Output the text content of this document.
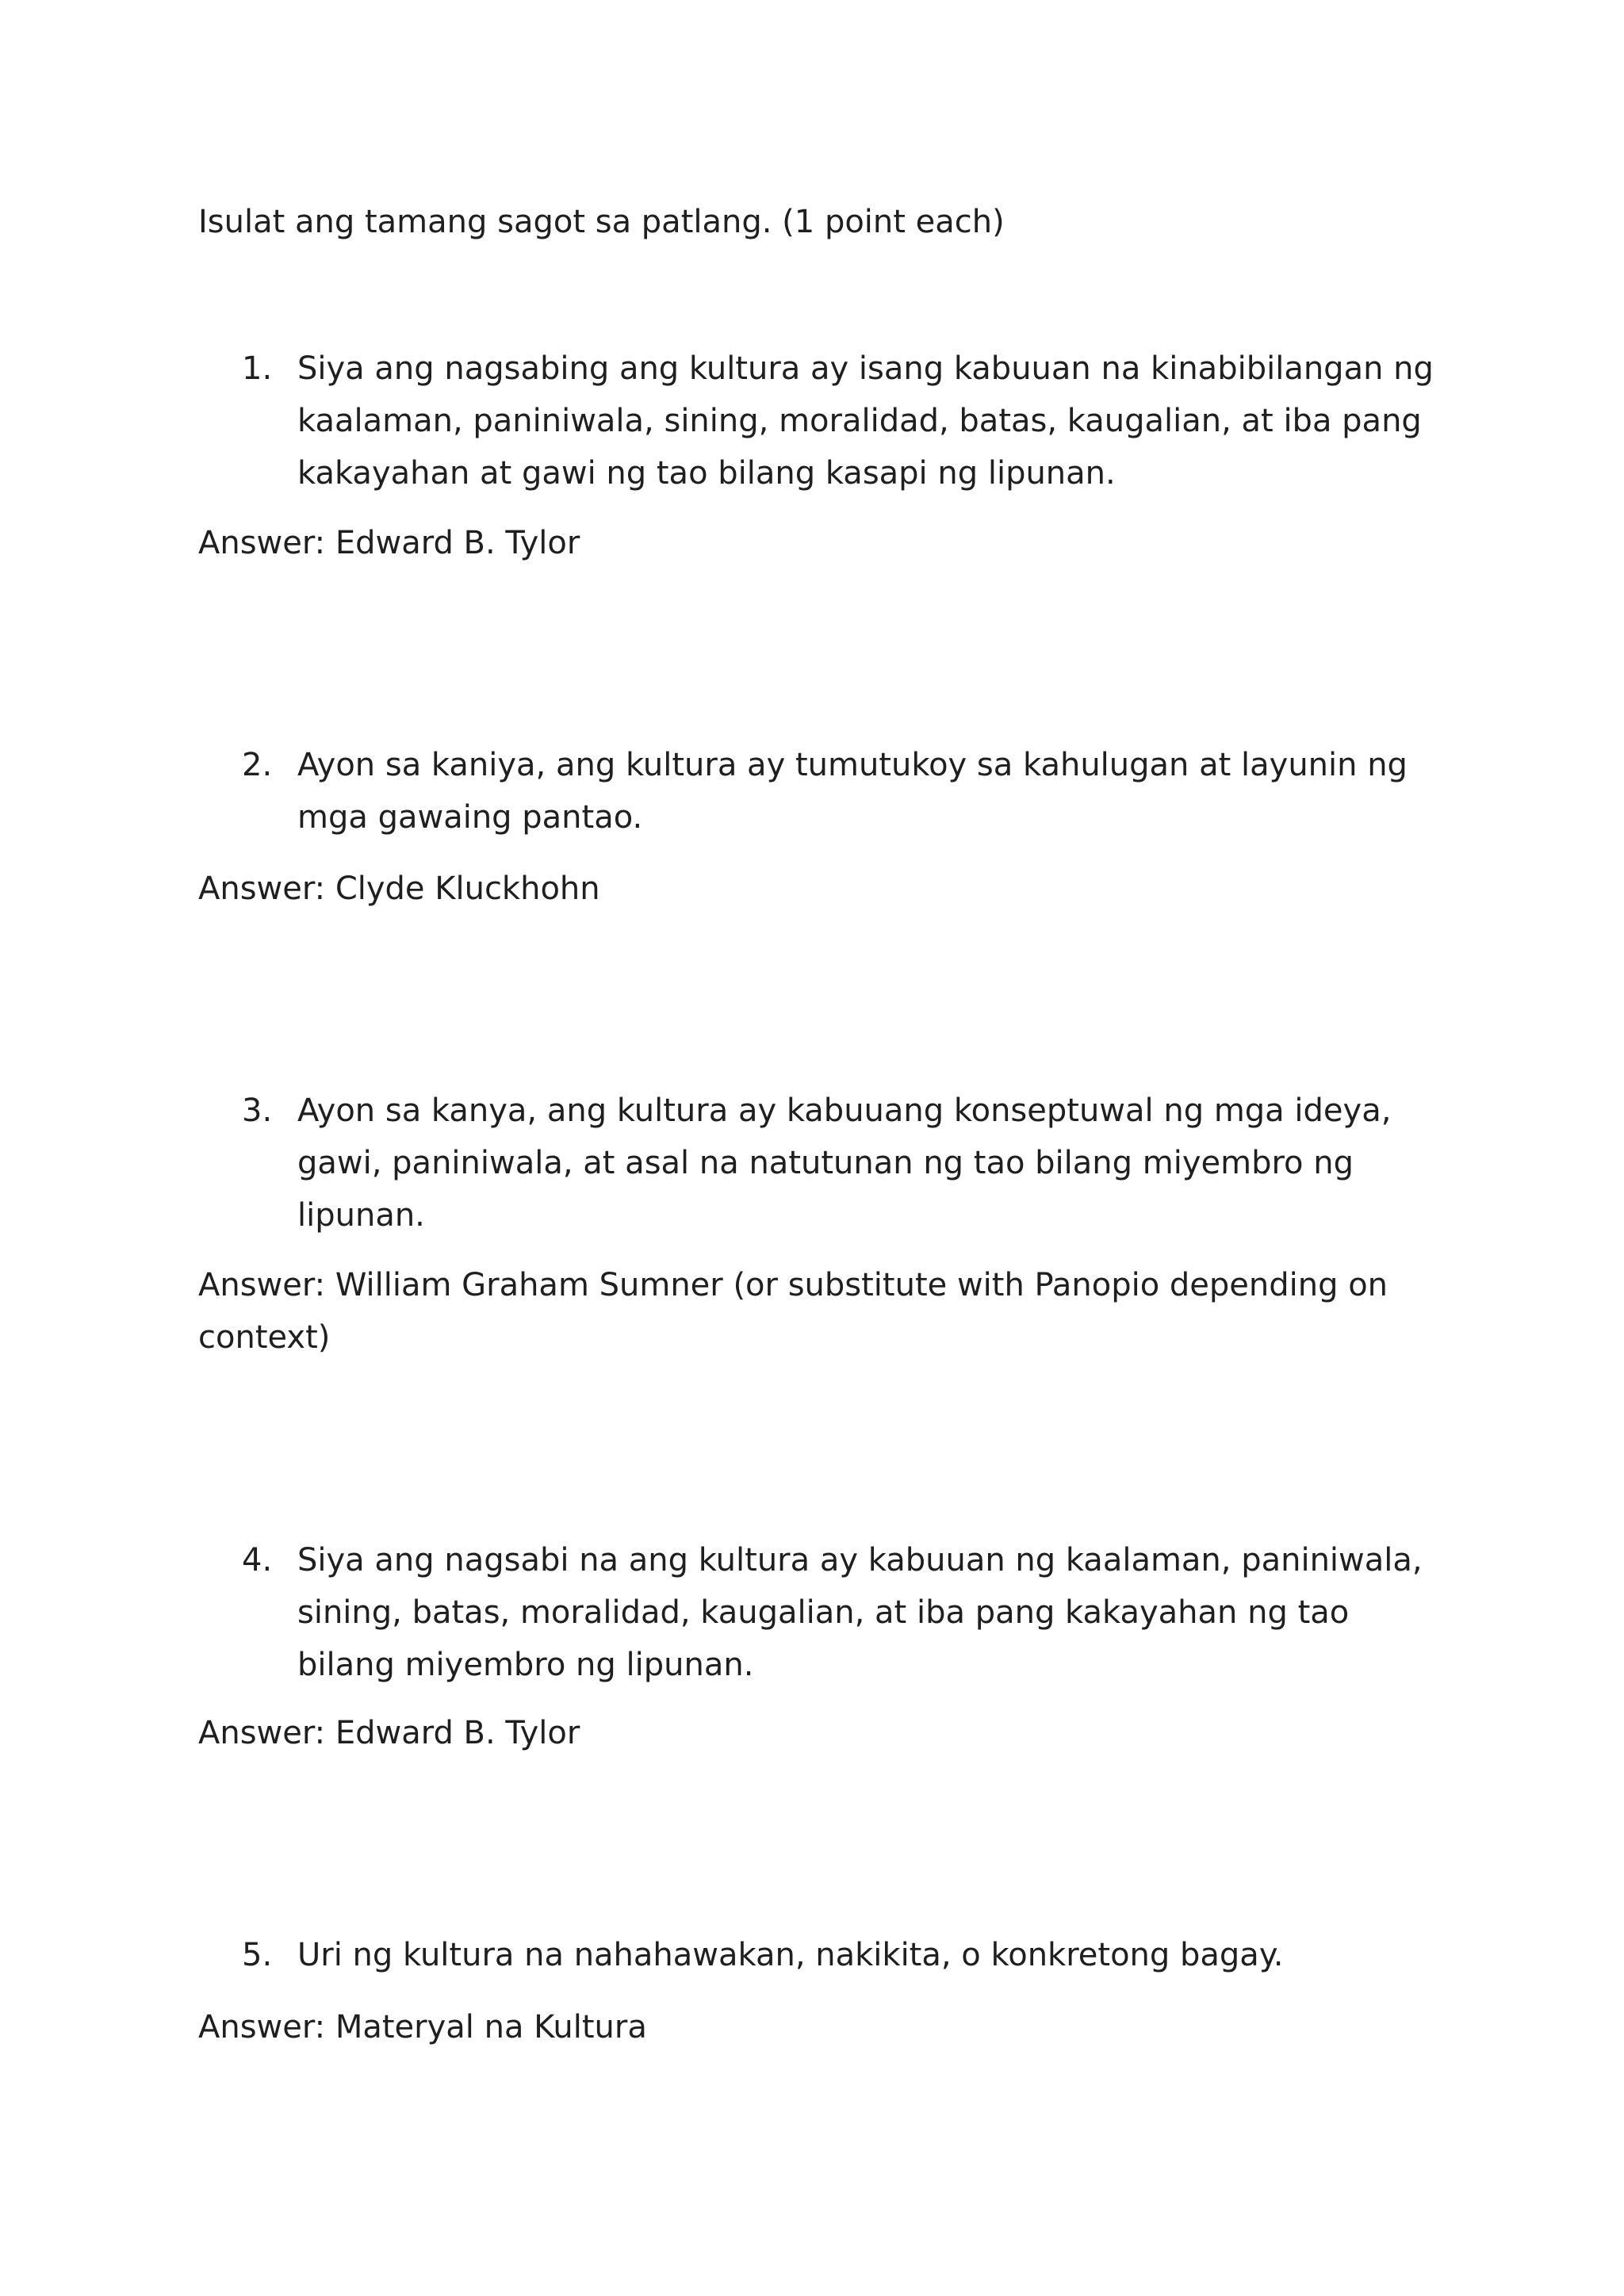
Isulat ang tamang sagot sa patlang. (1 point each)

1. Siya ang nagsabing ang kultura ay isang kabuuan na kinabibilangan ng kaalaman, paniniwala, sining, moralidad, batas, kaugalian, at iba pang kakayahan at gawi ng tao bilang kasapi ng lipunan.
Answer: Edward B. Tylor
2. Ayon sa kaniya, ang kultura ay tumutukoy sa kahulugan at layunin ng mga gawaing pantao.
Answer: Clyde Kluckhohn
3. Ayon sa kanya, ang kultura ay kabuuang konseptuwal ng mga ideya, gawi, paniniwala, at asal na natutunan ng tao bilang miyembro ng lipunan.
Answer: William Graham Sumner (or substitute with Panopio depending on context)
4. Siya ang nagsabi na ang kultura ay kabuuan ng kaalaman, paniniwala, sining, batas, moralidad, kaugalian, at iba pang kakayahan ng tao bilang miyembro ng lipunan.
Answer: Edward B. Tylor
5. Uri ng kultura na nahahawakan, nakikita, o konkretong bagay.
Answer: Materyal na Kultura
